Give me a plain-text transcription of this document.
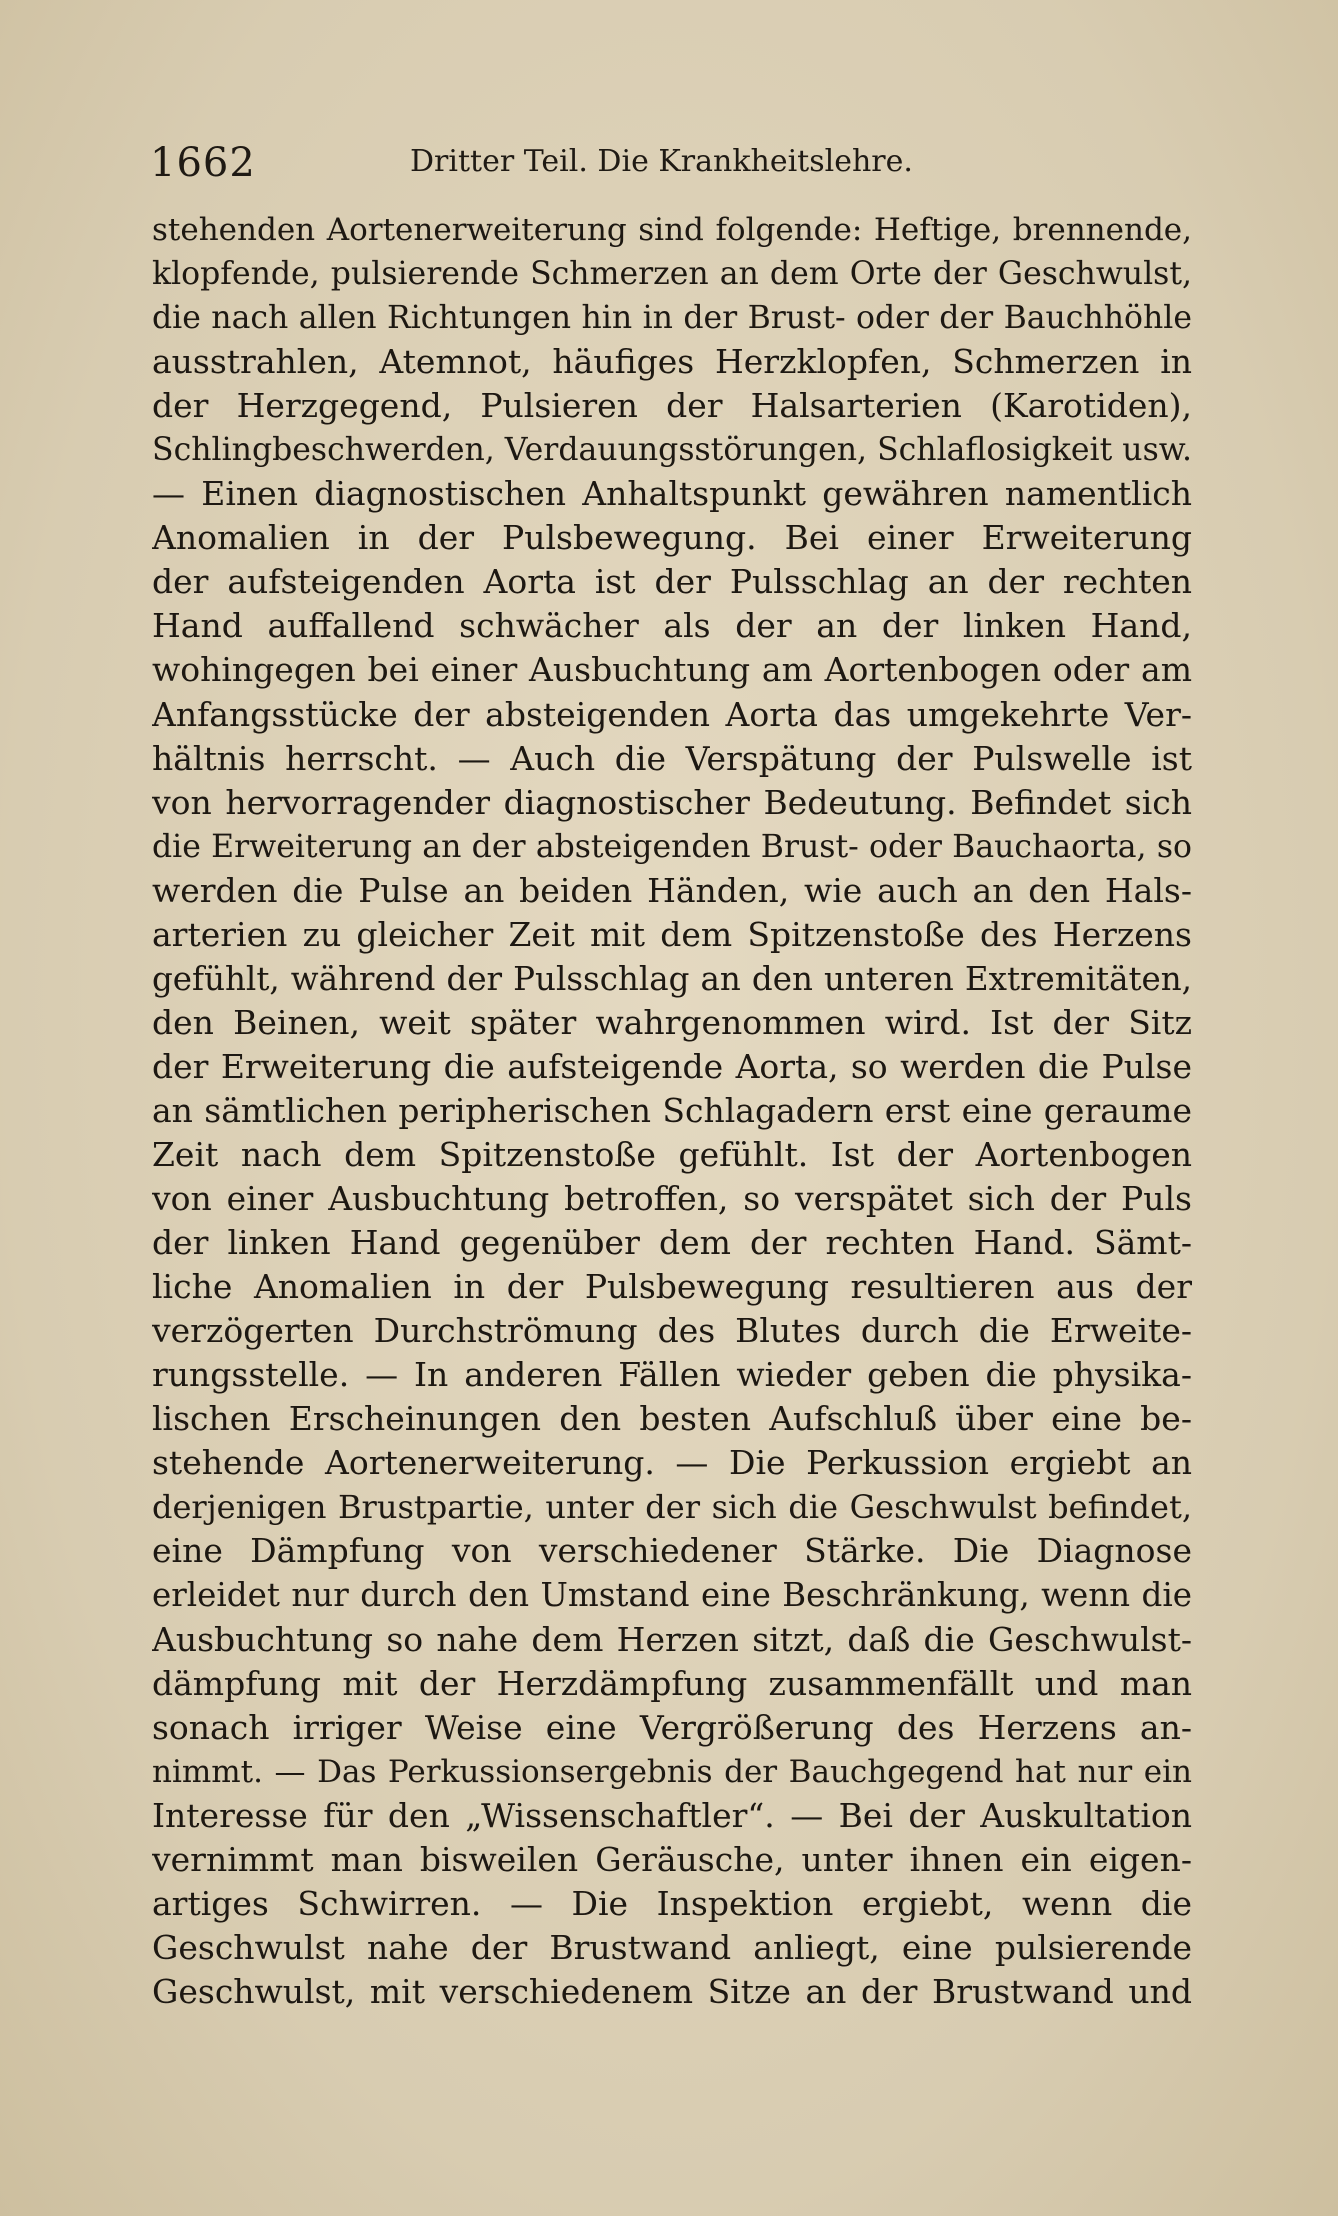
1662	Dritter Teil. Die Krankheitslehre.
stehenden Aortenerweiterung sind folgende: Heftige, brennende,
klopfende, pulsierende Schmerzen an dem Orte der Geschwulst,
die nach allen Richtungen hin in der Brust- oder der Bauchhöhle
ausstrahlen, Atemnot, häufiges Herzklopfen, Schmerzen in
der Herzgegend, Pulsieren der Halsarterien (Karotiden),
Schlingbeschwerden, Verdauungsstörungen, Schlaflosigkeit usw.
— Einen diagnostischen Anhaltspunkt gewähren namentlich
Anomalien in der Pulsbewegung. Bei einer Erweiterung
der aufsteigenden Aorta ist der Pulsschlag an der rechten
Hand auffallend schwächer als der an der linken Hand,
wohingegen bei einer Ausbuchtung am Aortenbogen oder am
Anfangsstücke der absteigenden Aorta das umgekehrte Ver-
hältnis herrscht. — Auch die Verspätung der Pulswelle ist
von hervorragender diagnostischer Bedeutung. Befindet sich
die Erweiterung an der absteigenden Brust- oder Bauchaorta, so
werden die Pulse an beiden Händen, wie auch an den Hals-
arterien zu gleicher Zeit mit dem Spitzenstoße des Herzens
gefühlt, während der Pulsschlag an den unteren Extremitäten,
den Beinen, weit später wahrgenommen wird. Ist der Sitz
der Erweiterung die aufsteigende Aorta, so werden die Pulse
an sämtlichen peripherischen Schlagadern erst eine geraume
Zeit nach dem Spitzenstoße gefühlt. Ist der Aortenbogen
von einer Ausbuchtung betroffen, so verspätet sich der Puls
der linken Hand gegenüber dem der rechten Hand. Sämt-
liche Anomalien in der Pulsbewegung resultieren aus der
verzögerten Durchströmung des Blutes durch die Erweite-
rungsstelle. — In anderen Fällen wieder geben die physika-
lischen Erscheinungen den besten Aufschluß über eine be-
stehende Aortenerweiterung. — Die Perkussion ergiebt an
derjenigen Brustpartie, unter der sich die Geschwulst befindet,
eine Dämpfung von verschiedener Stärke. Die Diagnose
erleidet nur durch den Umstand eine Beschränkung, wenn die
Ausbuchtung so nahe dem Herzen sitzt, daß die Geschwulst-
dämpfung mit der Herzdämpfung zusammenfällt und man
sonach irriger Weise eine Vergrößerung des Herzens an-
nimmt. — Das Perkussionsergebnis der Bauchgegend hat nur ein
Interesse für den „Wissenschaftler“. — Bei der Auskultation
vernimmt man bisweilen Geräusche, unter ihnen ein eigen-
artiges Schwirren. — Die Inspektion ergiebt, wenn die
Geschwulst nahe der Brustwand anliegt, eine pulsierende
Geschwulst, mit verschiedenem Sitze an der Brustwand und
